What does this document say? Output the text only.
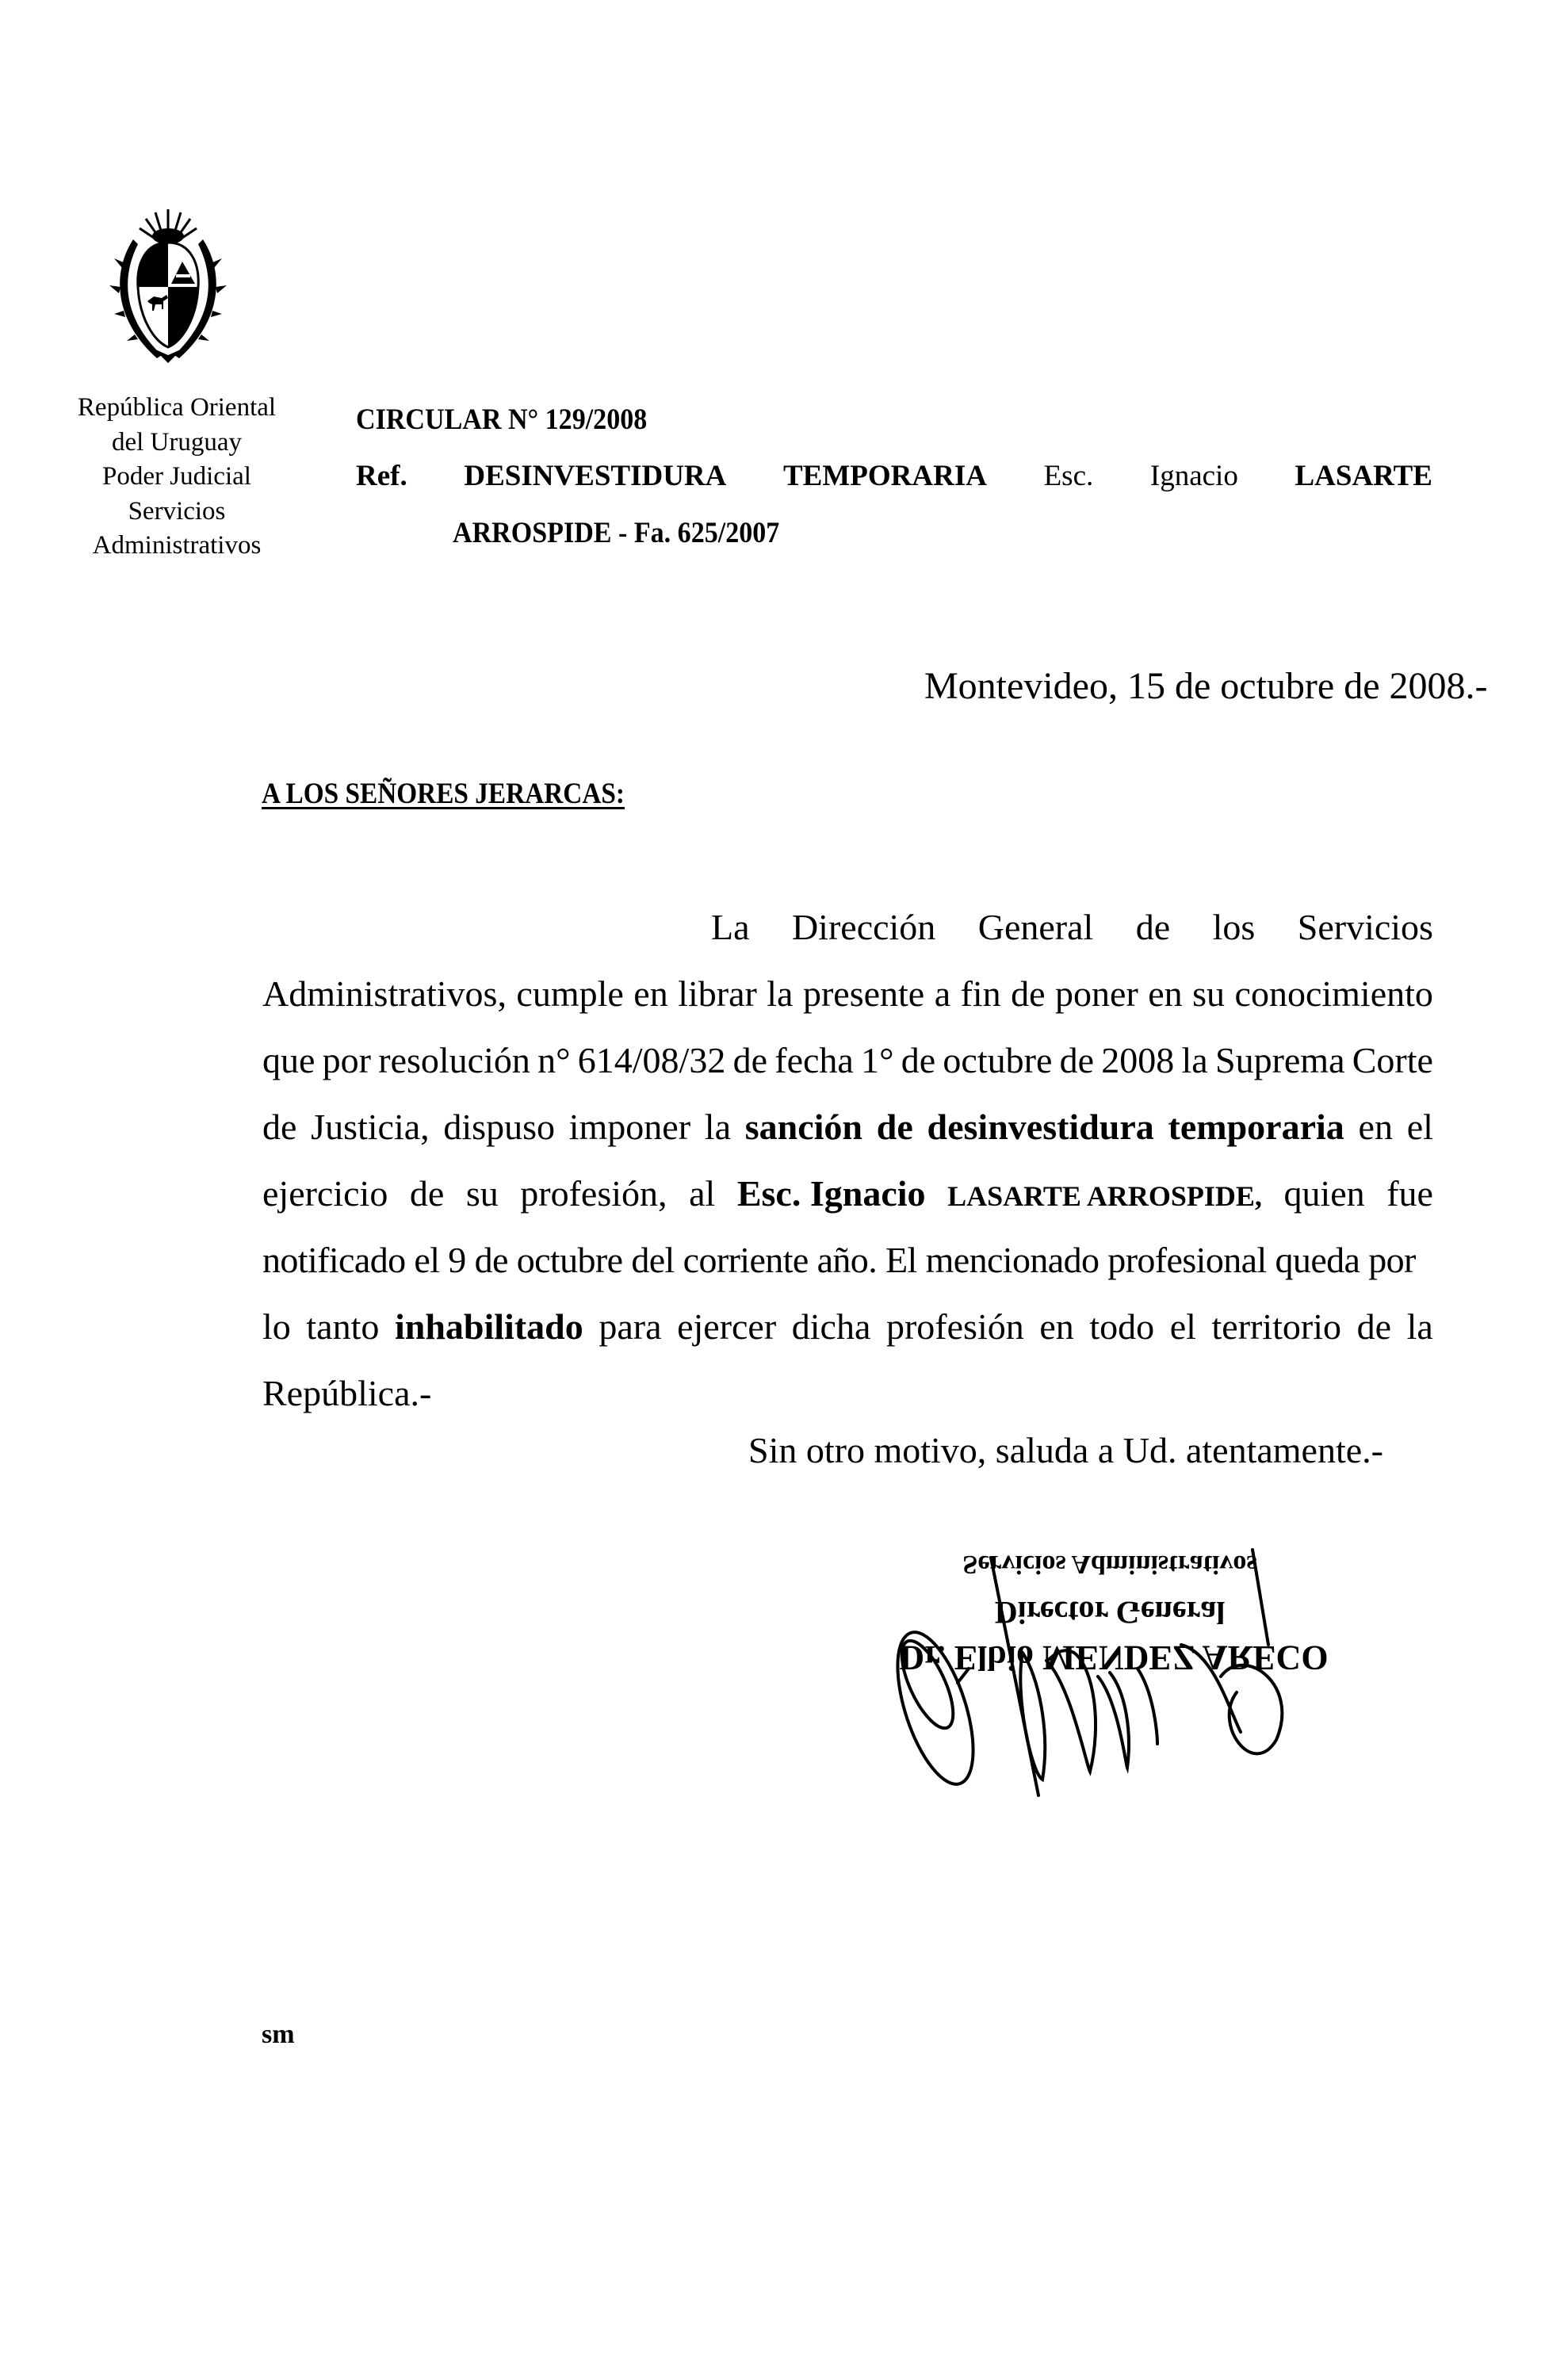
República Oriental
del Uruguay
Poder Judicial
Servicios
Administrativos
CIRCULAR N° 129/2008
Ref. DESINVESTIDURA TEMPORARIA Esc. Ignacio LASARTE
ARROSPIDE - Fa. 625/2007
Montevideo, 15 de octubre de 2008.-
A LOS SEÑORES JERARCAS:
La Dirección General de los Servicios
Administrativos, cumple en librar la presente a fin de poner en su conocimiento
que por resolución n° 614/08/32 de fecha 1° de octubre de 2008 la Suprema Corte
de Justicia, dispuso imponer la sanción de desinvestidura temporaria en el
ejercicio de su profesión, al Esc. Ignacio LASARTE ARROSPIDE, quien fue
notificado el 9 de octubre del corriente año. El mencionado profesional queda por
lo tanto inhabilitado para ejercer dicha profesión en todo el territorio de la
República.-
Sin otro motivo, saluda a Ud. atentamente.-
Servicios Administrativos
Director General
Dr. Elbio MENDEZ ARECO
sm
